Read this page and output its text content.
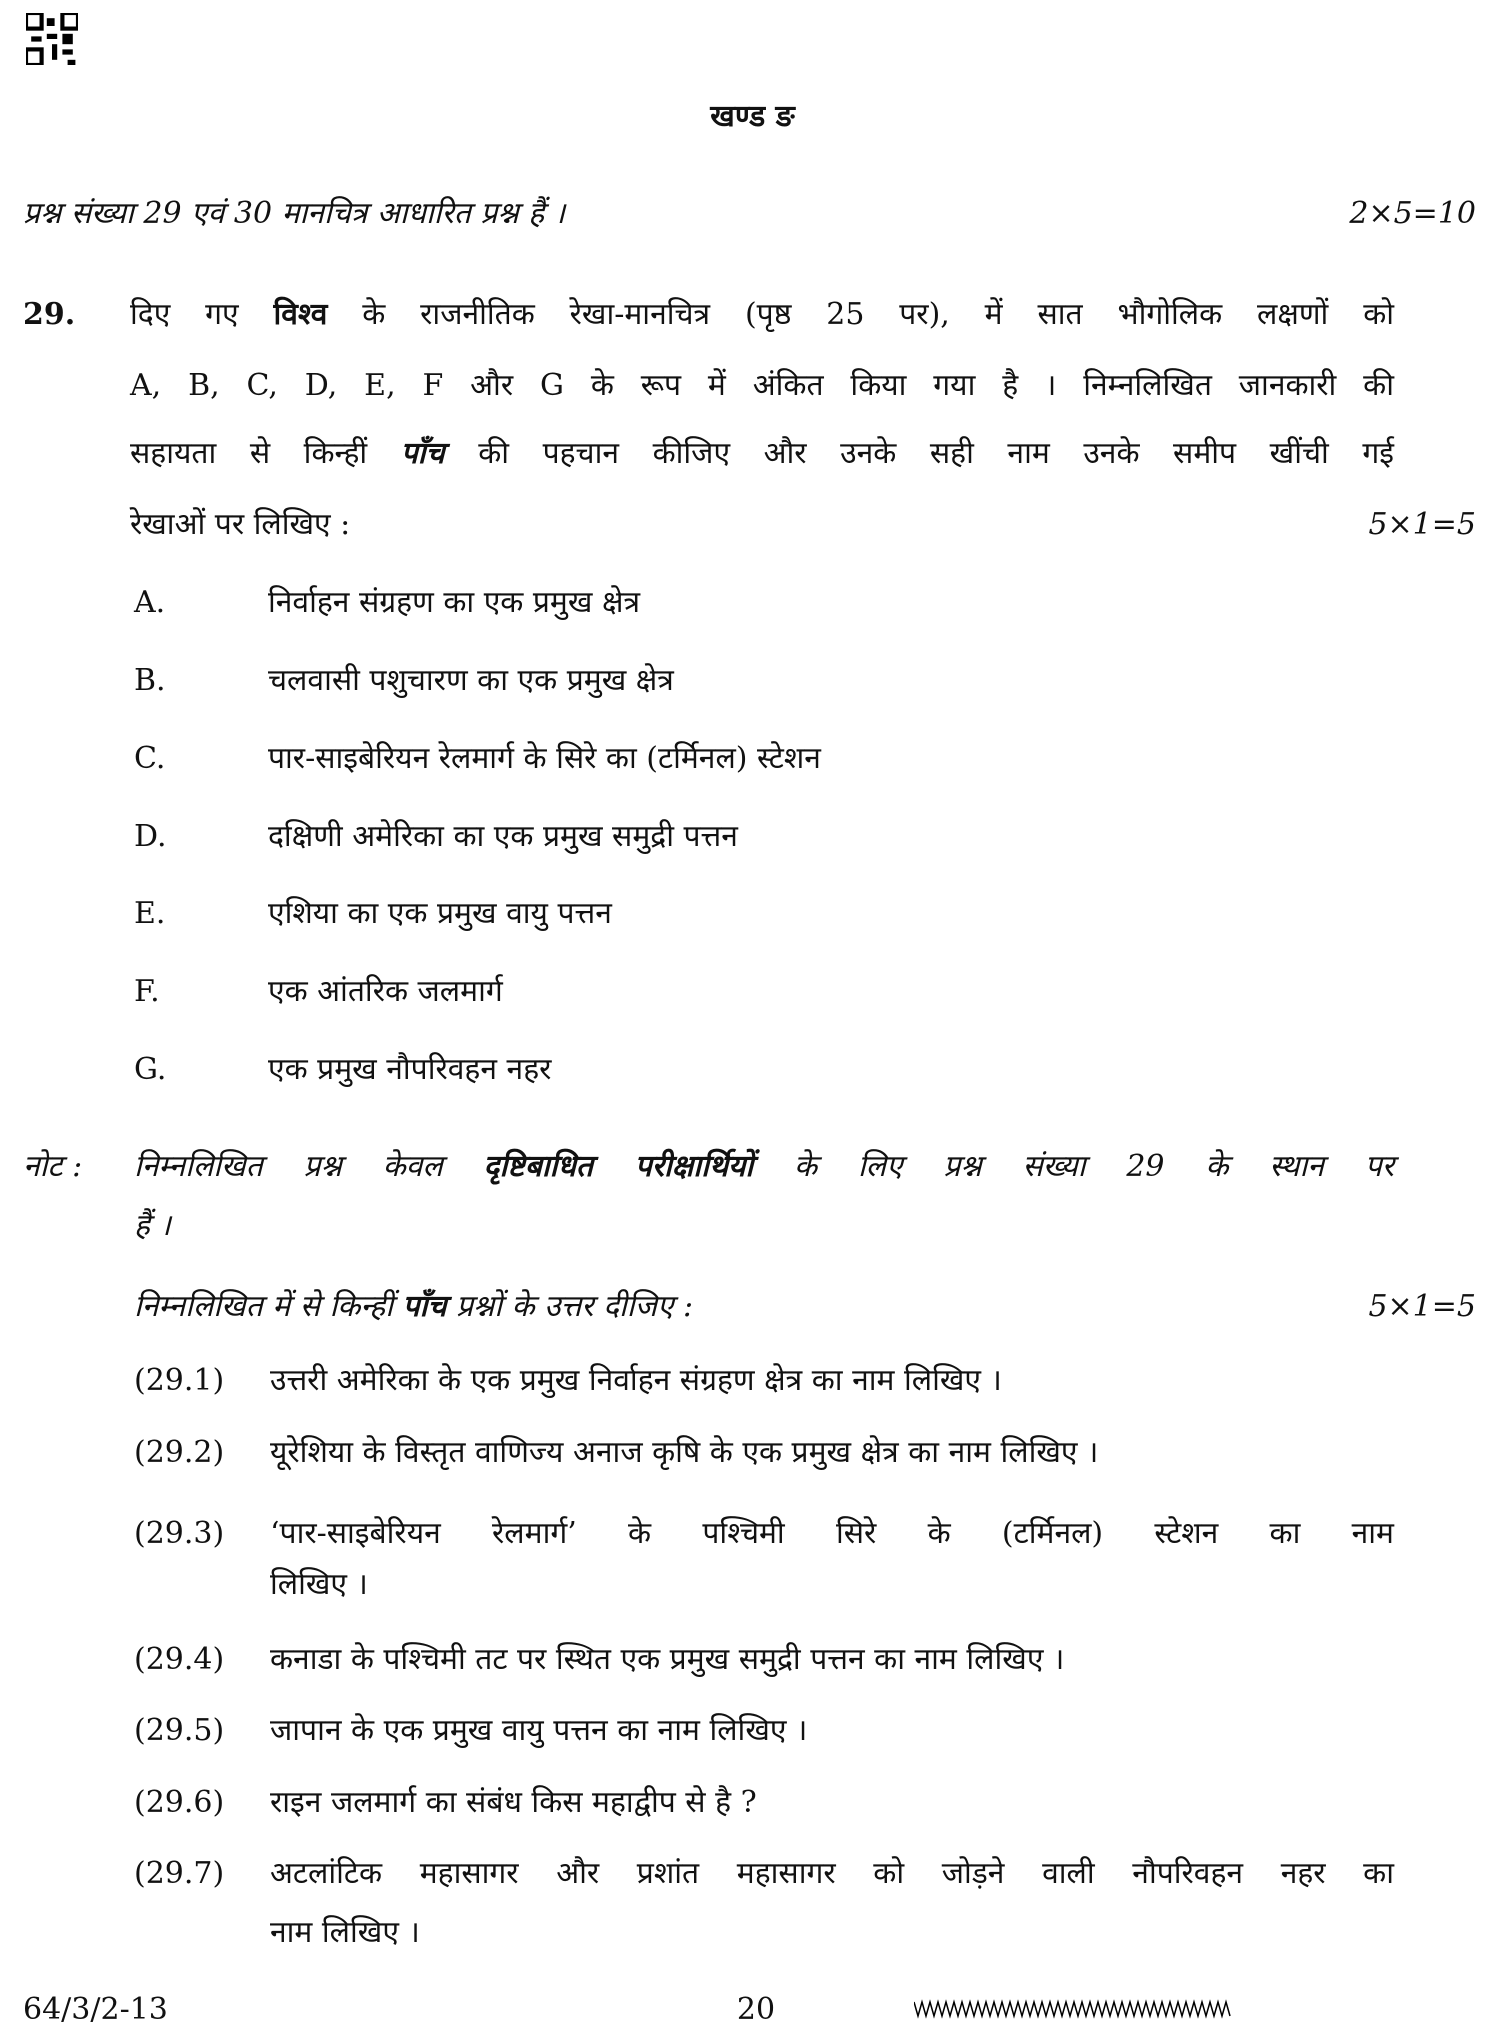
खण्ड ङ
प्रश्न संख्या 29 एवं 30 मानचित्र आधारित प्रश्न हैं ।	2×5=10
29. दिए गए विश्व के राजनीतिक रेखा-मानचित्र (पृष्ठ 25 पर), में सात भौगोलिक लक्षणों को
A, B, C, D, E, F और G के रूप में अंकित किया गया है । निम्नलिखित जानकारी की
सहायता से किन्हीं पाँच की पहचान कीजिए और उनके सही नाम उनके समीप खींची गई
रेखाओं पर लिखिए :	5×1=5
A.	निर्वाहन संग्रहण का एक प्रमुख क्षेत्र
B.	चलवासी पशुचारण का एक प्रमुख क्षेत्र
C.	पार-साइबेरियन रेलमार्ग के सिरे का (टर्मिनल) स्टेशन
D.	दक्षिणी अमेरिका का एक प्रमुख समुद्री पत्तन
E.	एशिया का एक प्रमुख वायु पत्तन
F.	एक आंतरिक जलमार्ग
G.	एक प्रमुख नौपरिवहन नहर
नोट : निम्नलिखित प्रश्न केवल दृष्टिबाधित परीक्षार्थियों के लिए प्रश्न संख्या 29 के स्थान पर
हैं ।
निम्नलिखित में से किन्हीं पाँच प्रश्नों के उत्तर दीजिए :	5×1=5
(29.1) उत्तरी अमेरिका के एक प्रमुख निर्वाहन संग्रहण क्षेत्र का नाम लिखिए ।
(29.2) यूरेशिया के विस्तृत वाणिज्य अनाज कृषि के एक प्रमुख क्षेत्र का नाम लिखिए ।
(29.3) ‘पार-साइबेरियन रेलमार्ग’ के पश्चिमी सिरे के (टर्मिनल) स्टेशन का नाम
लिखिए ।
(29.4) कनाडा के पश्चिमी तट पर स्थित एक प्रमुख समुद्री पत्तन का नाम लिखिए ।
(29.5) जापान के एक प्रमुख वायु पत्तन का नाम लिखिए ।
(29.6) राइन जलमार्ग का संबंध किस महाद्वीप से है ?
(29.7) अटलांटिक महासागर और प्रशांत महासागर को जोड़ने वाली नौपरिवहन नहर का
नाम लिखिए ।
64/3/2-13	20
